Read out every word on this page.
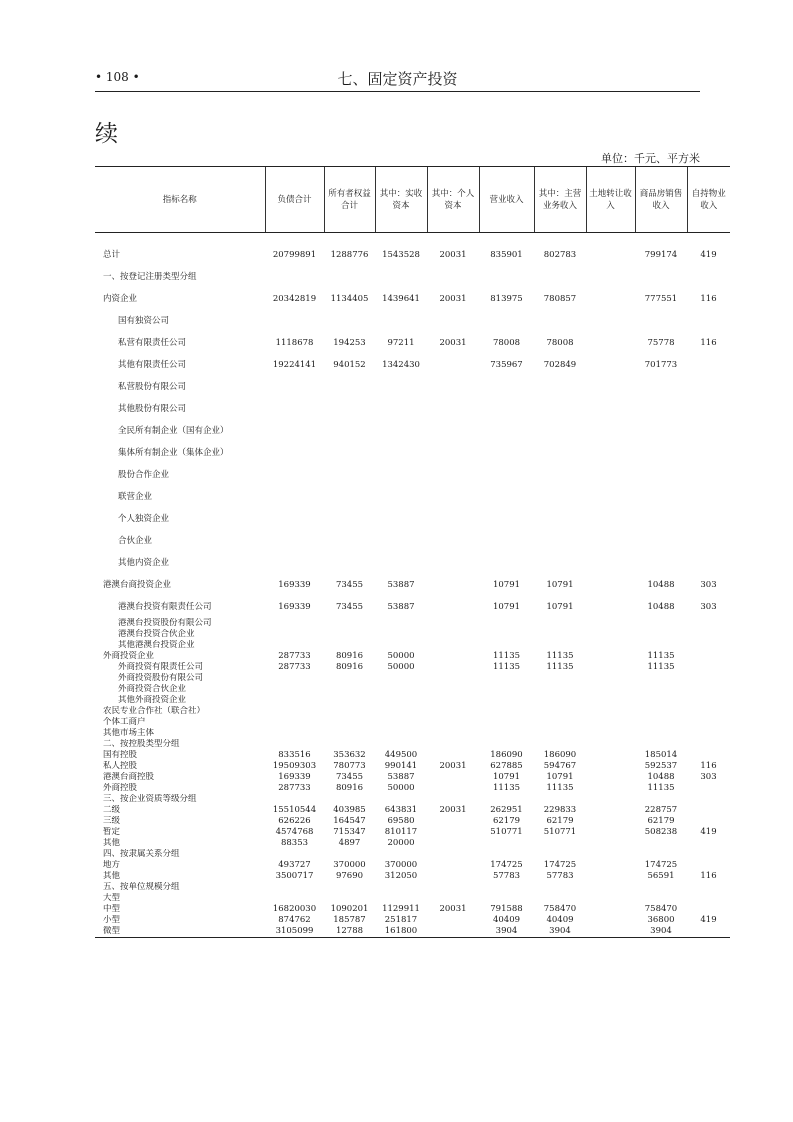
• 108 •	七、固定资产投资
续
单位：千元、平方米
指标名称	负债合计	所有者权益合计	其中：实收资本	其中：个人资本	营业收入	其中：主营业务收入	土地转让收入	商品房销售收入	自持物业收入

总计	20799891	1288776	1543528	20031	835901	802783		799174	419
一、按登记注册类型分组									
内资企业	20342819	1134405	1439641	20031	813975	780857		777551	116
国有独资公司									
私营有限责任公司	1118678	194253	97211	20031	78008	78008		75778	116
其他有限责任公司	19224141	940152	1342430		735967	702849		701773	
私营股份有限公司									
其他股份有限公司									
全民所有制企业（国有企业）									
集体所有制企业（集体企业）									
股份合作企业									
联营企业									
个人独资企业									
合伙企业									
其他内资企业									
港澳台商投资企业	169339	73455	53887		10791	10791		10488	303
港澳台投资有限责任公司	169339	73455	53887		10791	10791		10488	303
港澳台投资股份有限公司									
港澳台投资合伙企业									
其他港澳台投资企业									
外商投资企业	287733	80916	50000		11135	11135		11135	
外商投资有限责任公司	287733	80916	50000		11135	11135		11135	
外商投资股份有限公司									
外商投资合伙企业									
其他外商投资企业									
农民专业合作社（联合社）									
个体工商户									
其他市场主体									
二、按控股类型分组									
国有控股	833516	353632	449500		186090	186090		185014	
私人控股	19509303	780773	990141	20031	627885	594767		592537	116
港澳台商控股	169339	73455	53887		10791	10791		10488	303
外商控股	287733	80916	50000		11135	11135		11135	
三、按企业资质等级分组									
二级	15510544	403985	643831	20031	262951	229833		228757	
三级	626226	164547	69580		62179	62179		62179	
暂定	4574768	715347	810117		510771	510771		508238	419
其他	88353	4897	20000						
四、按隶属关系分组									
地方	493727	370000	370000		174725	174725		174725	
其他	3500717	97690	312050		57783	57783		56591	116
五、按单位规模分组									
大型									
中型	16820030	1090201	1129911	20031	791588	758470		758470	
小型	874762	185787	251817		40409	40409		36800	419
微型	3105099	12788	161800		3904	3904		3904	
